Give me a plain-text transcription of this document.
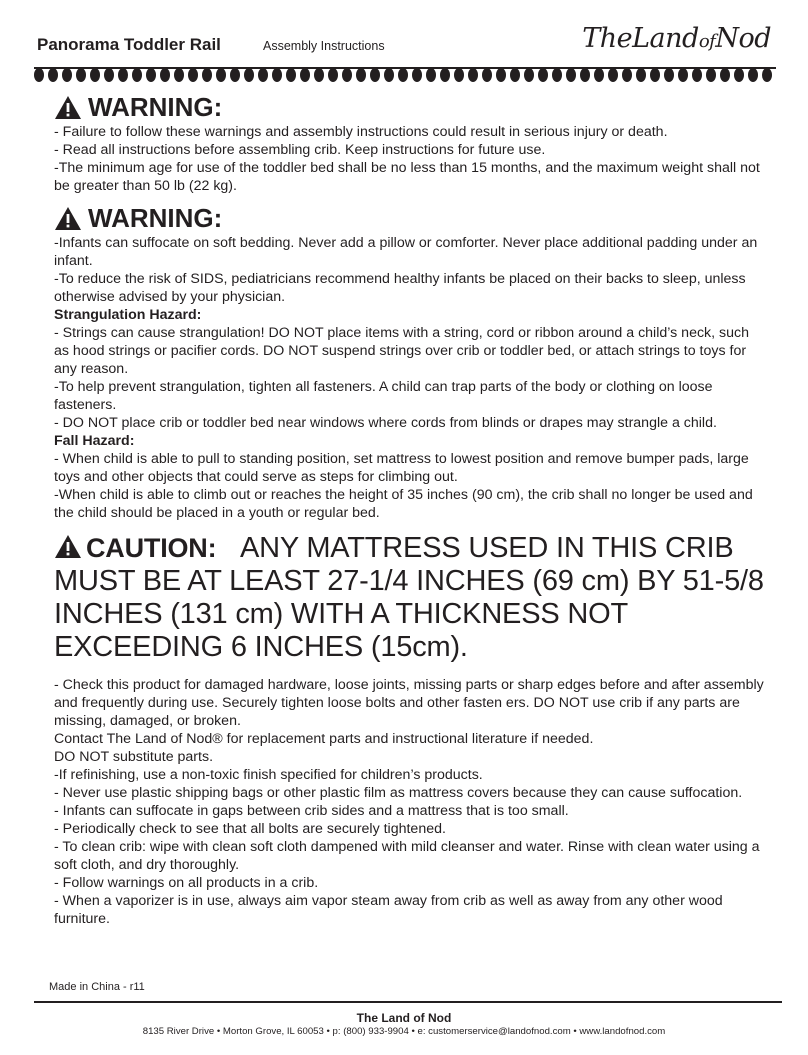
Panorama Toddler Rail	Assembly Instructions	TheLandofNod
WARNING:

- Failure to follow these warnings and assembly instructions could result in serious injury or death.

- Read all instructions before assembling crib. Keep instructions for future use.

-The minimum age for use of the toddler bed shall be no less than 15 months, and the maximum weight shall not be greater than 50 lb (22 kg).

WARNING:

-Infants can suffocate on soft bedding. Never add a pillow or comforter. Never place additional padding under an infant.

-To reduce the risk of SIDS, pediatricians recommend healthy infants be placed on their backs to sleep, unless otherwise advised by your physician.

Strangulation Hazard:

- Strings can cause strangulation! DO NOT place items with a string, cord or ribbon around a child’s neck, such as hood strings or pacifier cords. DO NOT suspend strings over crib or toddler bed, or attach strings to toys for any reason.

-To help prevent strangulation, tighten all fasteners. A child can trap parts of the body or clothing on loose fasteners.

- DO NOT place crib or toddler bed near windows where cords from blinds or drapes may strangle a child.

Fall Hazard:

- When child is able to pull to standing position, set mattress to lowest position and remove bumper pads, large toys and other objects that could serve as steps for climbing out.

-When child is able to climb out or reaches the height of 35 inches (90 cm), the crib shall no longer be used and the child should be placed in a youth or regular bed.

CAUTION: ANY MATTRESS USED IN THIS CRIB MUST BE AT LEAST 27-1/4 INCHES (69 cm) BY 51-5/8 INCHES (131 cm) WITH A THICKNESS NOT EXCEEDING 6 INCHES (15cm).

- Check this product for damaged hardware, loose joints, missing parts or sharp edges before and after assembly and frequently during use. Securely tighten loose bolts and other fasten ers. DO NOT use crib if any parts are missing, damaged, or broken.

Contact The Land of Nod® for replacement parts and instructional literature if needed.

DO NOT substitute parts.

-If refinishing, use a non-toxic finish specified for children’s products.

- Never use plastic shipping bags or other plastic film as mattress covers because they can cause suffocation.

- Infants can suffocate in gaps between crib sides and a mattress that is too small.

- Periodically check to see that all bolts are securely tightened.

- To clean crib: wipe with clean soft cloth dampened with mild cleanser and water. Rinse with clean water using a soft cloth, and dry thoroughly.

- Follow warnings on all products in a crib.

- When a vaporizer is in use, always aim vapor steam away from crib as well as away from any other wood furniture.

Made in China - r11
The Land of Nod
8135 River Drive • Morton Grove, IL 60053 • p: (800) 933-9904 • e: customerservice@landofnod.com • www.landofnod.com
